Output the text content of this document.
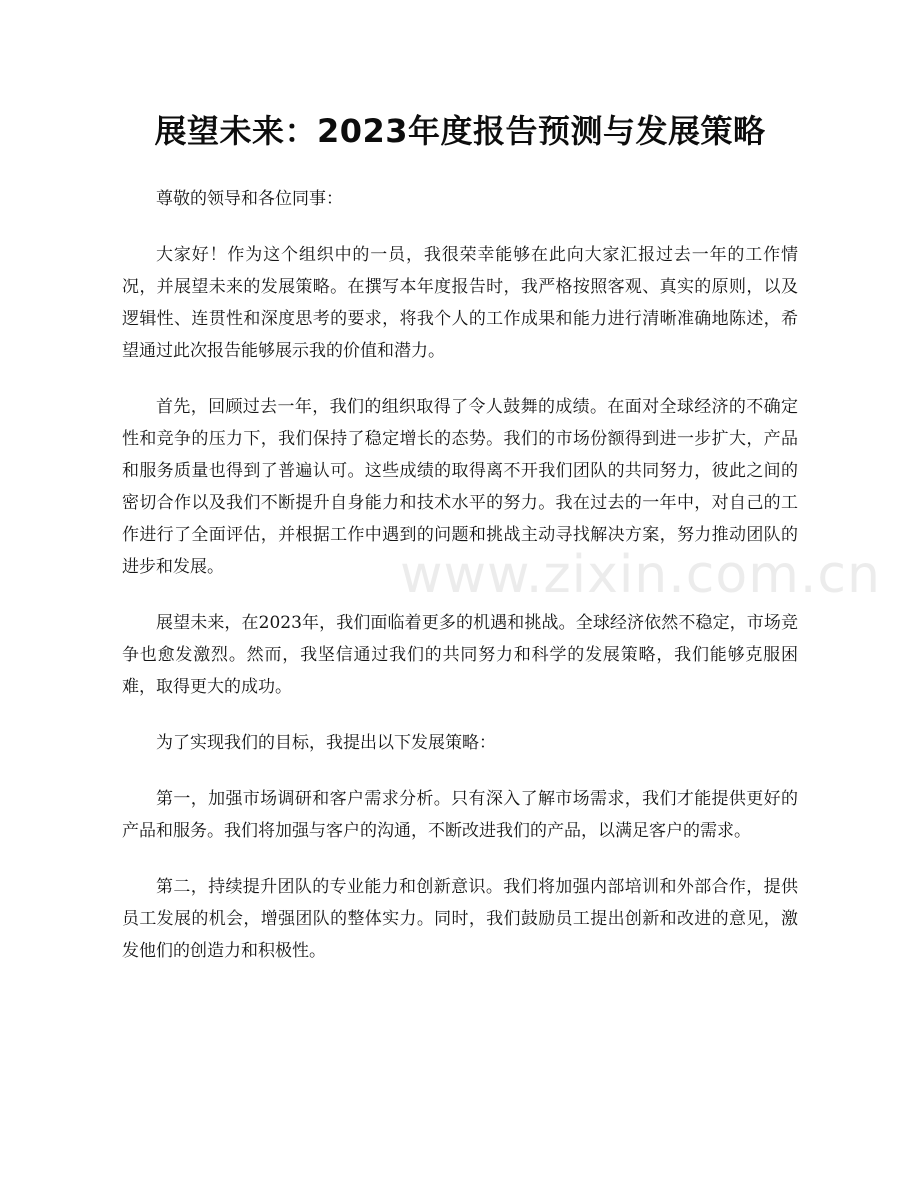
展望未来：2023年度报告预测与发展策略

尊敬的领导和各位同事：

大家好！作为这个组织中的一员，我很荣幸能够在此向大家汇报过去一年的工作情况，并展望未来的发展策略。在撰写本年度报告时，我严格按照客观、真实的原则，以及逻辑性、连贯性和深度思考的要求，将我个人的工作成果和能力进行清晰准确地陈述，希望通过此次报告能够展示我的价值和潜力。

首先，回顾过去一年，我们的组织取得了令人鼓舞的成绩。在面对全球经济的不确定性和竞争的压力下，我们保持了稳定增长的态势。我们的市场份额得到进一步扩大，产品和服务质量也得到了普遍认可。这些成绩的取得离不开我们团队的共同努力，彼此之间的密切合作以及我们不断提升自身能力和技术水平的努力。我在过去的一年中，对自己的工作进行了全面评估，并根据工作中遇到的问题和挑战主动寻找解决方案，努力推动团队的进步和发展。

展望未来，在2023年，我们面临着更多的机遇和挑战。全球经济依然不稳定，市场竞争也愈发激烈。然而，我坚信通过我们的共同努力和科学的发展策略，我们能够克服困难，取得更大的成功。

为了实现我们的目标，我提出以下发展策略：

第一，加强市场调研和客户需求分析。只有深入了解市场需求，我们才能提供更好的产品和服务。我们将加强与客户的沟通，不断改进我们的产品，以满足客户的需求。

第二，持续提升团队的专业能力和创新意识。我们将加强内部培训和外部合作，提供员工发展的机会，增强团队的整体实力。同时，我们鼓励员工提出创新和改进的意见，激发他们的创造力和积极性。

www.zixin.com.cn
